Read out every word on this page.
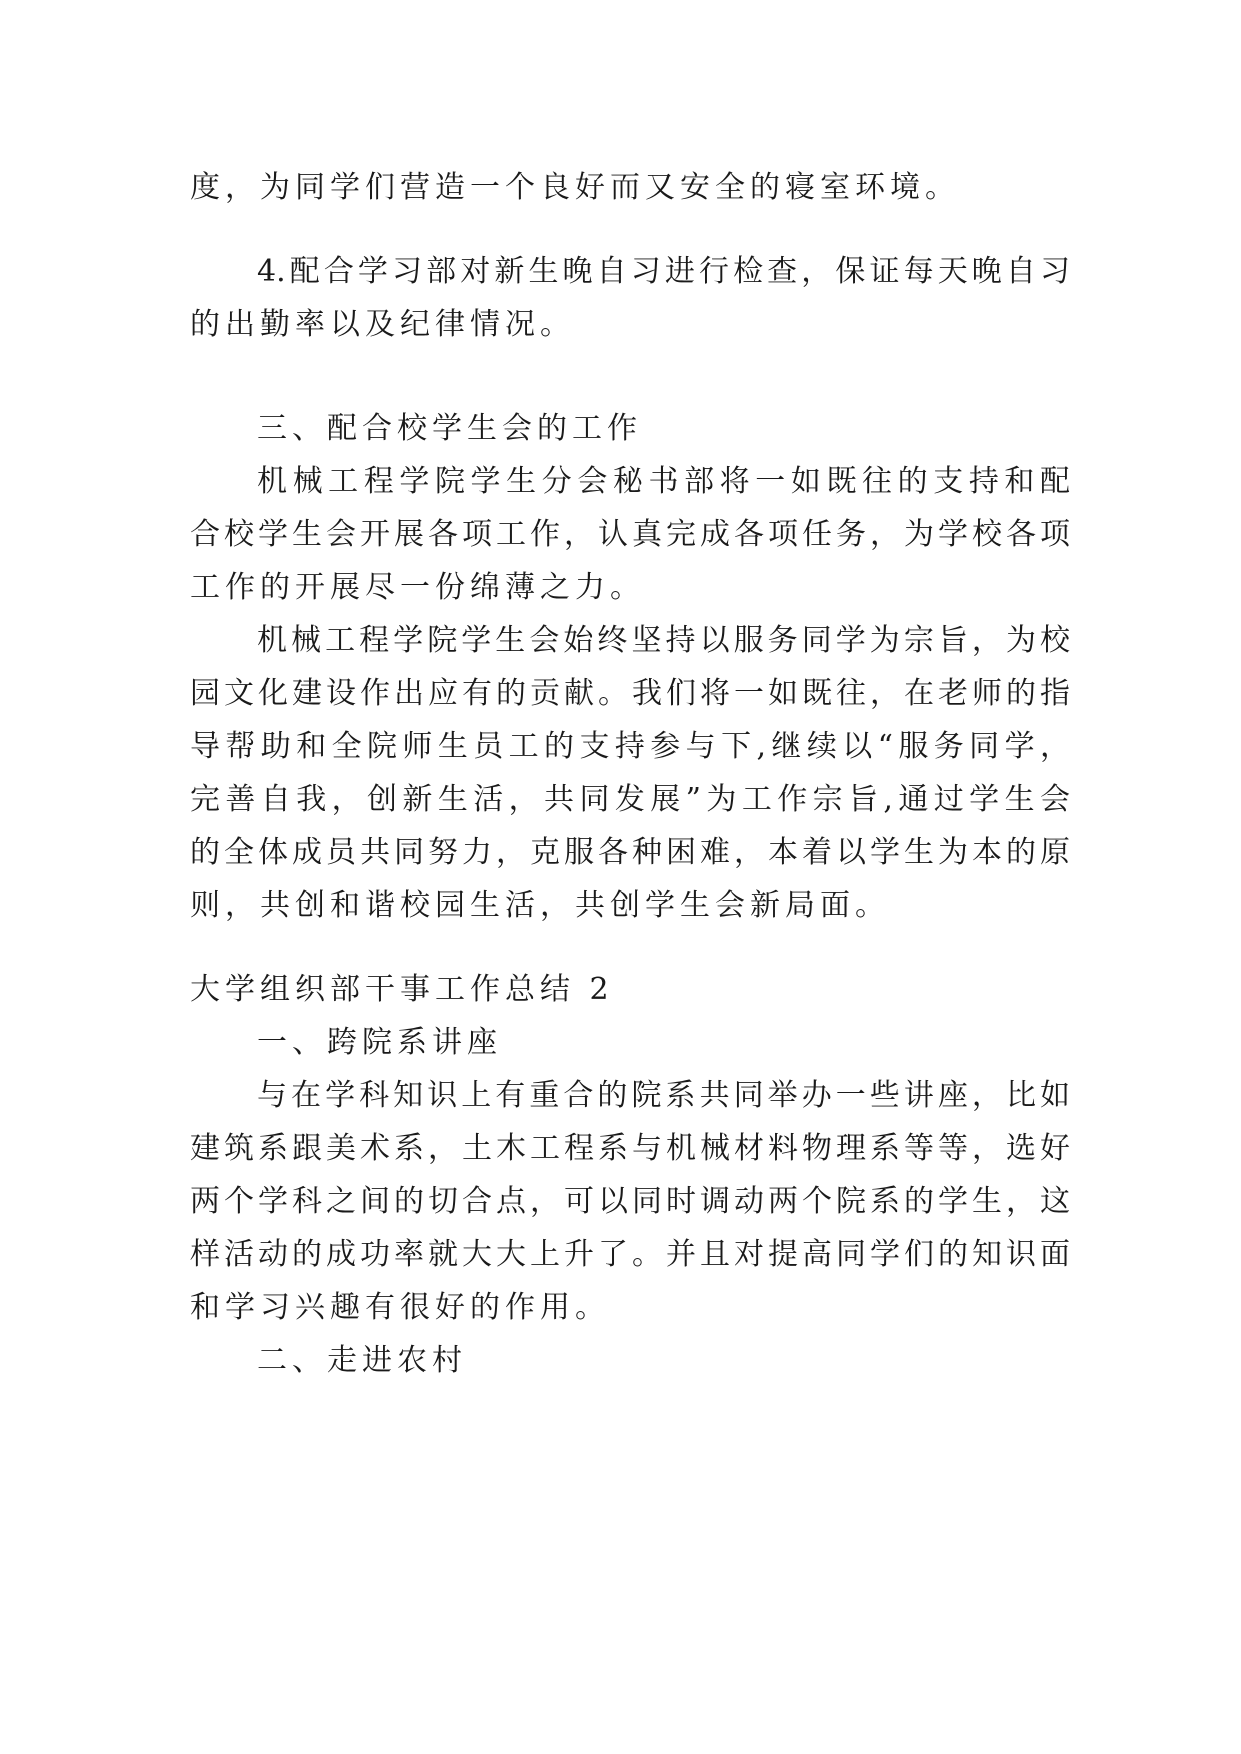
度，为同学们营造一个良好而又安全的寝室环境。
4.配合学习部对新生晚自习进行检查，保证每天晚自习
的出勤率以及纪律情况。
三、配合校学生会的工作
机械工程学院学生分会秘书部将一如既往的支持和配
合校学生会开展各项工作，认真完成各项任务，为学校各项
工作的开展尽一份绵薄之力。
机械工程学院学生会始终坚持以服务同学为宗旨，为校
园文化建设作出应有的贡献。我们将一如既往，在老师的指
导帮助和全院师生员工的支持参与下,继续以“服务同学，
完善自我，创新生活，共同发展”为工作宗旨,通过学生会
的全体成员共同努力，克服各种困难，本着以学生为本的原
则，共创和谐校园生活，共创学生会新局面。
大学组织部干事工作总结 2
一、跨院系讲座
与在学科知识上有重合的院系共同举办一些讲座，比如
建筑系跟美术系，土木工程系与机械材料物理系等等，选好
两个学科之间的切合点，可以同时调动两个院系的学生，这
样活动的成功率就大大上升了。并且对提高同学们的知识面
和学习兴趣有很好的作用。
二、走进农村
